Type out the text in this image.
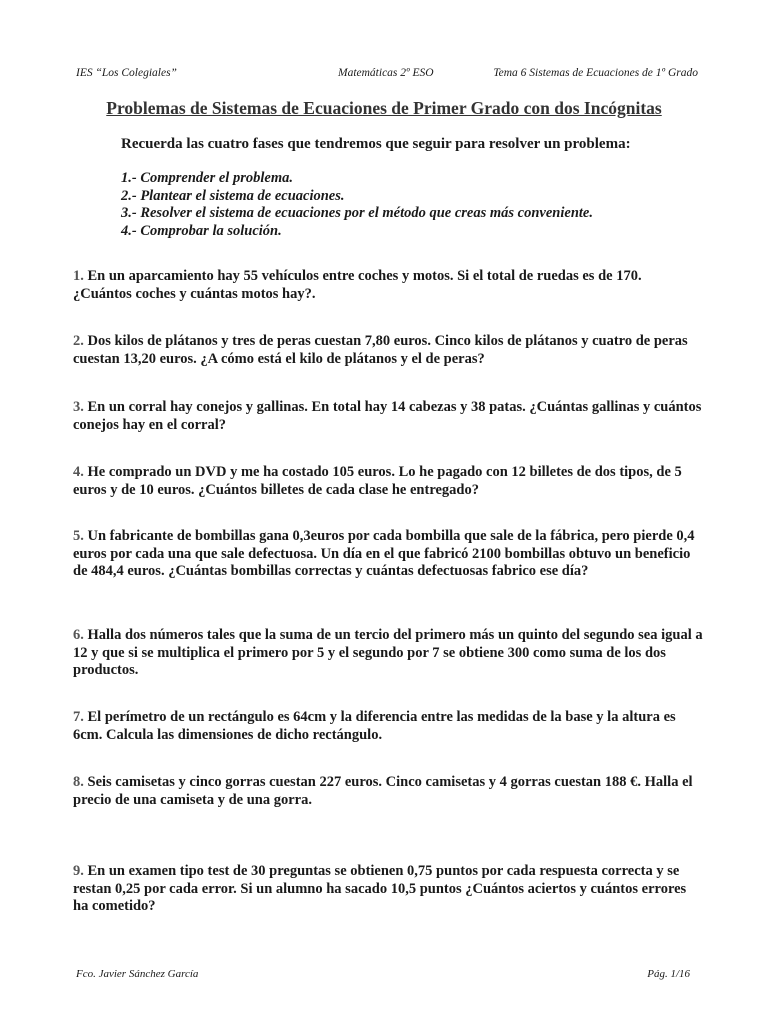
IES “Los Colegiales”	Matemáticas 2º ESO	Tema 6 Sistemas de Ecuaciones de 1º Grado
Problemas de Sistemas de Ecuaciones de Primer Grado con dos Incógnitas
Recuerda las cuatro fases que tendremos que seguir para resolver un problema:
1.- Comprender el problema.
2.- Plantear el sistema de ecuaciones.
3.- Resolver el sistema de ecuaciones por el método que creas más conveniente.
4.- Comprobar la solución.
1. En un aparcamiento hay 55 vehículos entre coches y motos. Si el total de ruedas es de 170. ¿Cuántos coches y cuántas motos hay?.
2. Dos kilos de plátanos y tres de peras cuestan 7,80 euros. Cinco kilos de plátanos y cuatro de peras cuestan 13,20 euros. ¿A cómo está el kilo de plátanos y el de peras?
3. En un corral hay conejos y gallinas. En total hay 14 cabezas y 38 patas. ¿Cuántas gallinas y cuántos conejos hay en el corral?
4. He comprado un DVD y me ha costado 105 euros. Lo he pagado con 12 billetes de dos tipos, de 5 euros y de 10 euros. ¿Cuántos billetes de cada clase he entregado?
5. Un fabricante de bombillas gana 0,3euros por cada bombilla que sale de la fábrica, pero pierde 0,4 euros por cada una que sale defectuosa. Un día en el que fabricó 2100 bombillas obtuvo un beneficio de 484,4 euros. ¿Cuántas bombillas correctas y cuántas defectuosas fabrico ese día?
6. Halla dos números tales que la suma de un tercio del primero más un quinto del segundo sea igual a 12 y que si se multiplica el primero por 5 y el segundo por 7 se obtiene 300 como suma de los dos productos.
7. El perímetro de un rectángulo es 64cm y la diferencia entre las medidas de la base y la altura es 6cm. Calcula las dimensiones de dicho rectángulo.
8. Seis camisetas y cinco gorras cuestan 227 euros. Cinco camisetas y 4 gorras cuestan 188 €. Halla el precio de una camiseta y de una gorra.
9. En un examen tipo test de 30 preguntas se obtienen 0,75 puntos por cada respuesta correcta y se restan 0,25 por cada error. Si un alumno ha sacado 10,5 puntos ¿Cuántos aciertos y cuántos errores ha cometido?
Fco. Javier Sánchez García	Pág. 1/16
